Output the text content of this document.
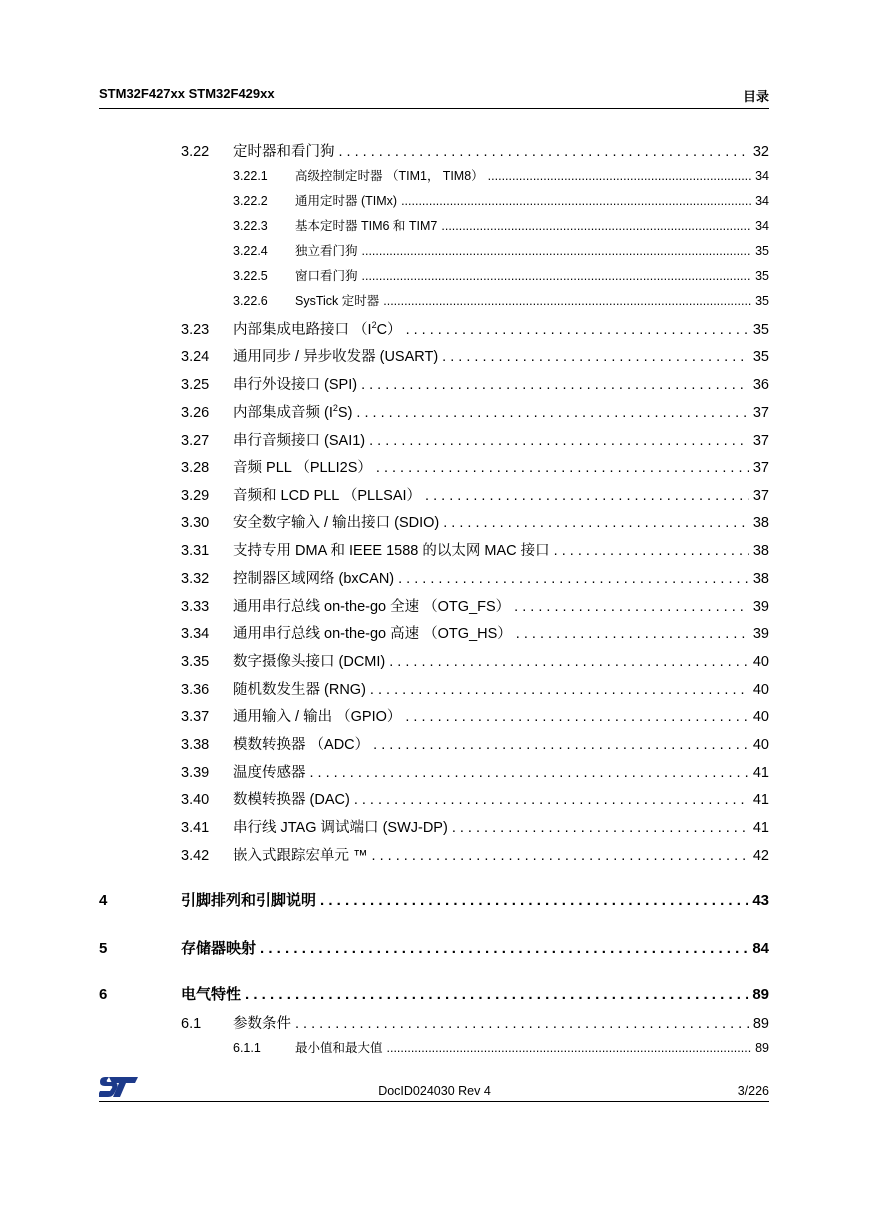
STM32F427xx STM32F429xx	目录
3.22	定时器和看门狗 . . .	32
3.22.1	高级控制定时器 （TIM1， TIM8） .....	34
3.22.2	通用定时器 (TIMx) .....	34
3.22.3	基本定时器 TIM6 和 TIM7 .....	34
3.22.4	独立看门狗 .....	35
3.22.5	窗口看门狗 .....	35
3.22.6	SysTick 定时器 .....	35
3.23	内部集成电路接口 $(I^2C)$ . . .	35
3.24	通用同步 / 异步收发器 (USART) . . .	35
3.25	串行外设接口 (SPI) . . .	36
3.26	内部集成音频 $(I^2S)$ . . .	37
3.27	串行音频接口 (SAI1) . . .	37
3.28	音频 PLL （PLLI2S） . . .	37
3.29	音频和 LCD PLL （PLLSAI） . . .	37
3.30	安全数字输入 / 输出接口 (SDIO) . . .	38
3.31	支持专用 DMA 和 IEEE 1588 的以太网 MAC 接口 . . .	38
3.32	控制器区域网络 (bxCAN) . . .	38
3.33	通用串行总线 on-the-go 全速 （OTG_FS） . . .	39
3.34	通用串行总线 on-the-go 高速 （OTG_HS） . . .	39
3.35	数字摄像头接口 (DCMI) . . .	40
3.36	随机数发生器 (RNG) . . .	40
3.37	通用输入 / 输出 （GPIO） . . .	40
3.38	模数转换器 （ADC） . . .	40
3.39	温度传感器 . . .	41
3.40	数模转换器 (DAC) . . .	41
3.41	串行线 JTAG 调试端口 (SWJ-DP) . . .	41
3.42	嵌入式跟踪宏单元 ™ . . .	42
4	引脚排列和引脚说明 . . .	43
5	存储器映射 . . .	84
6	电气特性 . . .	89
6.1	参数条件 . . .	89
6.1.1	最小值和最大值 .....	89
DocID024030 Rev 4	3/226
